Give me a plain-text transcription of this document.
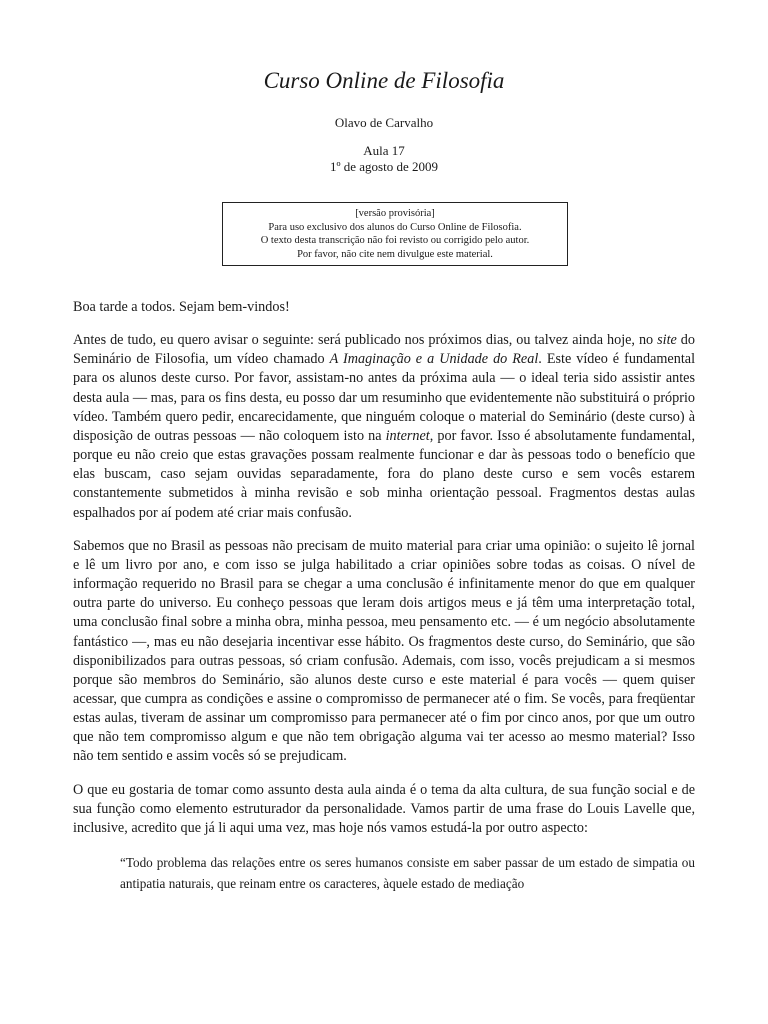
Curso Online de Filosofia
Olavo de Carvalho
Aula 17
1º de agosto de 2009
[versão provisória]
Para uso exclusivo dos alunos do Curso Online de Filosofia.
O texto desta transcrição não foi revisto ou corrigido pelo autor.
Por favor, não cite nem divulgue este material.

Boa tarde a todos. Sejam bem-vindos!

Antes de tudo, eu quero avisar o seguinte: será publicado nos próximos dias, ou talvez ainda hoje, no site do Seminário de Filosofia, um vídeo chamado A Imaginação e a Unidade do Real. Este vídeo é fundamental para os alunos deste curso. Por favor, assistam-no antes da próxima aula — o ideal teria sido assistir antes desta aula — mas, para os fins desta, eu posso dar um resuminho que evidentemente não substituirá o próprio vídeo. Também quero pedir, encarecidamente, que ninguém coloque o material do Seminário (deste curso) à disposição de outras pessoas — não coloquem isto na internet, por favor. Isso é absolutamente fundamental, porque eu não creio que estas gravações possam realmente funcionar e dar às pessoas todo o benefício que elas buscam, caso sejam ouvidas separadamente, fora do plano deste curso e sem vocês estarem constantemente submetidos à minha revisão e sob minha orientação pessoal. Fragmentos destas aulas espalhados por aí podem até criar mais confusão.

Sabemos que no Brasil as pessoas não precisam de muito material para criar uma opinião: o sujeito lê jornal e lê um livro por ano, e com isso se julga habilitado a criar opiniões sobre todas as coisas. O nível de informação requerido no Brasil para se chegar a uma conclusão é infinitamente menor do que em qualquer outra parte do universo. Eu conheço pessoas que leram dois artigos meus e já têm uma interpretação total, uma conclusão final sobre a minha obra, minha pessoa, meu pensamento etc. — é um negócio absolutamente fantástico —, mas eu não desejaria incentivar esse hábito. Os fragmentos deste curso, do Seminário, que são disponibilizados para outras pessoas, só criam confusão. Ademais, com isso, vocês prejudicam a si mesmos porque são membros do Seminário, são alunos deste curso e este material é para vocês — quem quiser acessar, que cumpra as condições e assine o compromisso de permanecer até o fim. Se vocês, para freqüentar estas aulas, tiveram de assinar um compromisso para permanecer até o fim por cinco anos, por que um outro que não tem compromisso algum e que não tem obrigação alguma vai ter acesso ao mesmo material? Isso não tem sentido e assim vocês só se prejudicam.

O que eu gostaria de tomar como assunto desta aula ainda é o tema da alta cultura, de sua função social e de sua função como elemento estruturador da personalidade. Vamos partir de uma frase do Louis Lavelle que, inclusive, acredito que já li aqui uma vez, mas hoje nós vamos estudá-la por outro aspecto:

“Todo problema das relações entre os seres humanos consiste em saber passar de um estado de simpatia ou antipatia naturais, que reinam entre os caracteres, àquele estado de mediação
